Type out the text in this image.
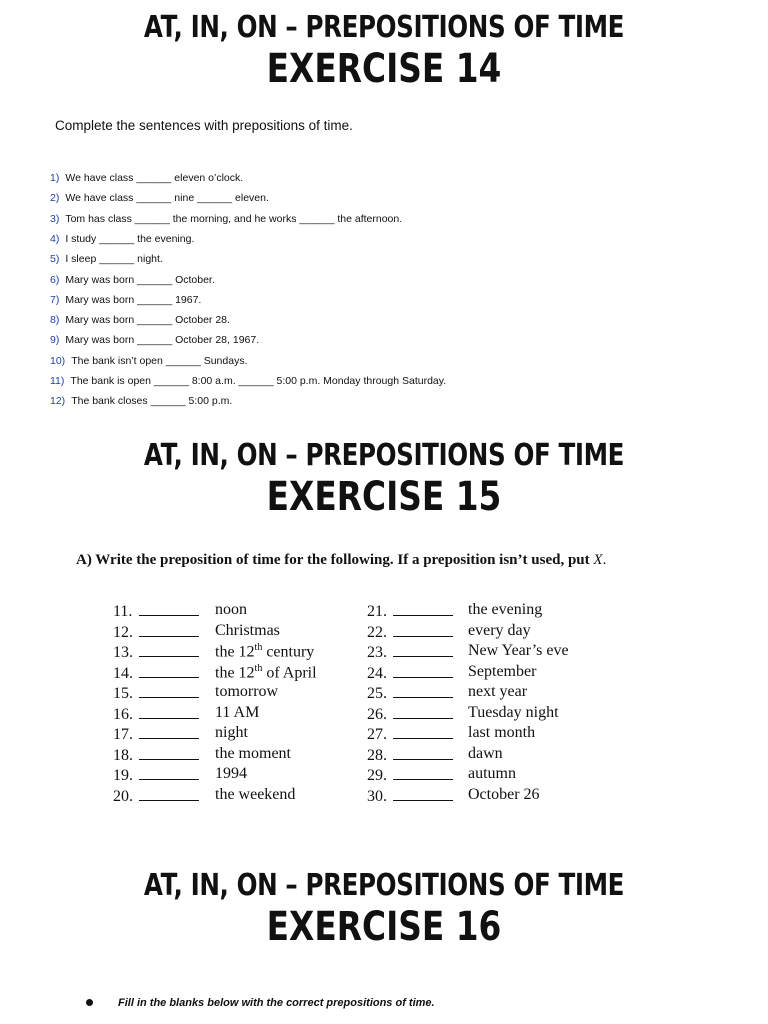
AT, IN, ON – PREPOSITIONS OF TIME
EXERCISE 14
Complete the sentences with prepositions of time.
1) We have class ______ eleven o’clock.
2) We have class ______ nine ______ eleven.
3) Tom has class ______ the morning, and he works ______ the afternoon.
4) I study ______ the evening.
5) I sleep ______ night.
6) Mary was born ______ October.
7) Mary was born ______ 1967.
8) Mary was born ______ October 28.
9) Mary was born ______ October 28, 1967.
10) The bank isn’t open ______ Sundays.
11) The bank is open ______ 8:00 a.m. ______ 5:00 p.m. Monday through Saturday.
12) The bank closes ______ 5:00 p.m.
AT, IN, ON – PREPOSITIONS OF TIME
EXERCISE 15
A) Write the preposition of time for the following. If a preposition isn’t used, put X.
11.	noon
12.	Christmas
13.	the 12th century
14.	the 12th of April
15.	tomorrow
16.	11 AM
17.	night
18.	the moment
19.	1994
20.	the weekend
21.	the evening
22.	every day
23.	New Year’s eve
24.	September
25.	next year
26.	Tuesday night
27.	last month
28.	dawn
29.	autumn
30.	October 26
AT, IN, ON – PREPOSITIONS OF TIME
EXERCISE 16
Fill in the blanks below with the correct prepositions of time.
